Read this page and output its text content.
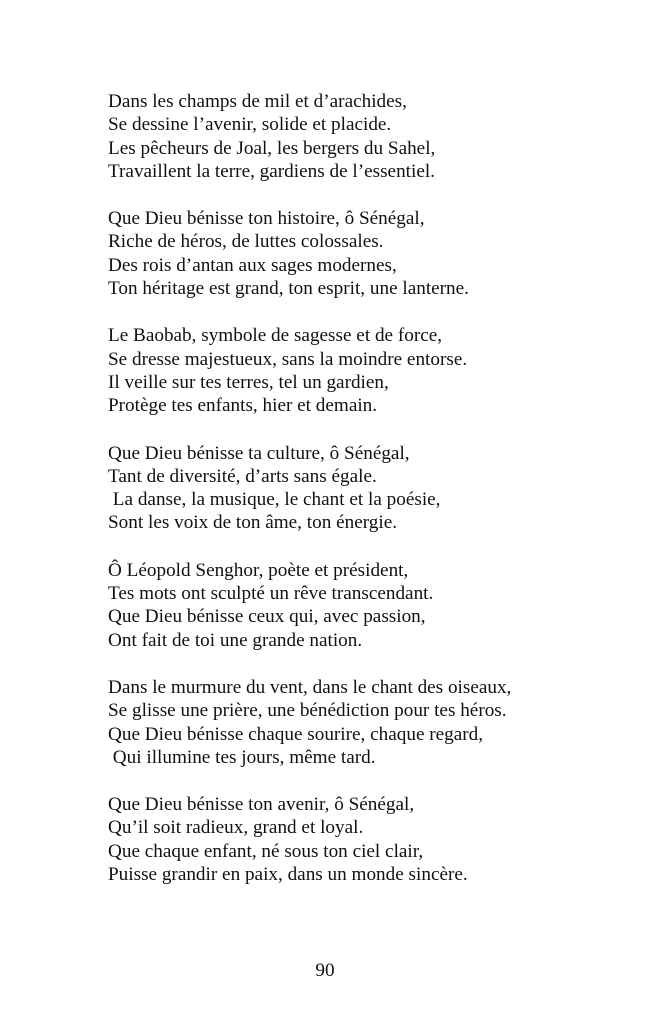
Dans les champs de mil et d’arachides,
Se dessine l’avenir, solide et placide.
Les pêcheurs de Joal, les bergers du Sahel,
Travaillent la terre, gardiens de l’essentiel.
Que Dieu bénisse ton histoire, ô Sénégal,
Riche de héros, de luttes colossales.
Des rois d’antan aux sages modernes,
Ton héritage est grand, ton esprit, une lanterne.
Le Baobab, symbole de sagesse et de force,
Se dresse majestueux, sans la moindre entorse.
Il veille sur tes terres, tel un gardien,
Protège tes enfants, hier et demain.
Que Dieu bénisse ta culture, ô Sénégal,
Tant de diversité, d’arts sans égale.
La danse, la musique, le chant et la poésie,
Sont les voix de ton âme, ton énergie.
Ô Léopold Senghor, poète et président,
Tes mots ont sculpté un rêve transcendant.
Que Dieu bénisse ceux qui, avec passion,
Ont fait de toi une grande nation.
Dans le murmure du vent, dans le chant des oiseaux,
Se glisse une prière, une bénédiction pour tes héros.
Que Dieu bénisse chaque sourire, chaque regard,
Qui illumine tes jours, même tard.
Que Dieu bénisse ton avenir, ô Sénégal,
Qu’il soit radieux, grand et loyal.
Que chaque enfant, né sous ton ciel clair,
Puisse grandir en paix, dans un monde sincère.
90
